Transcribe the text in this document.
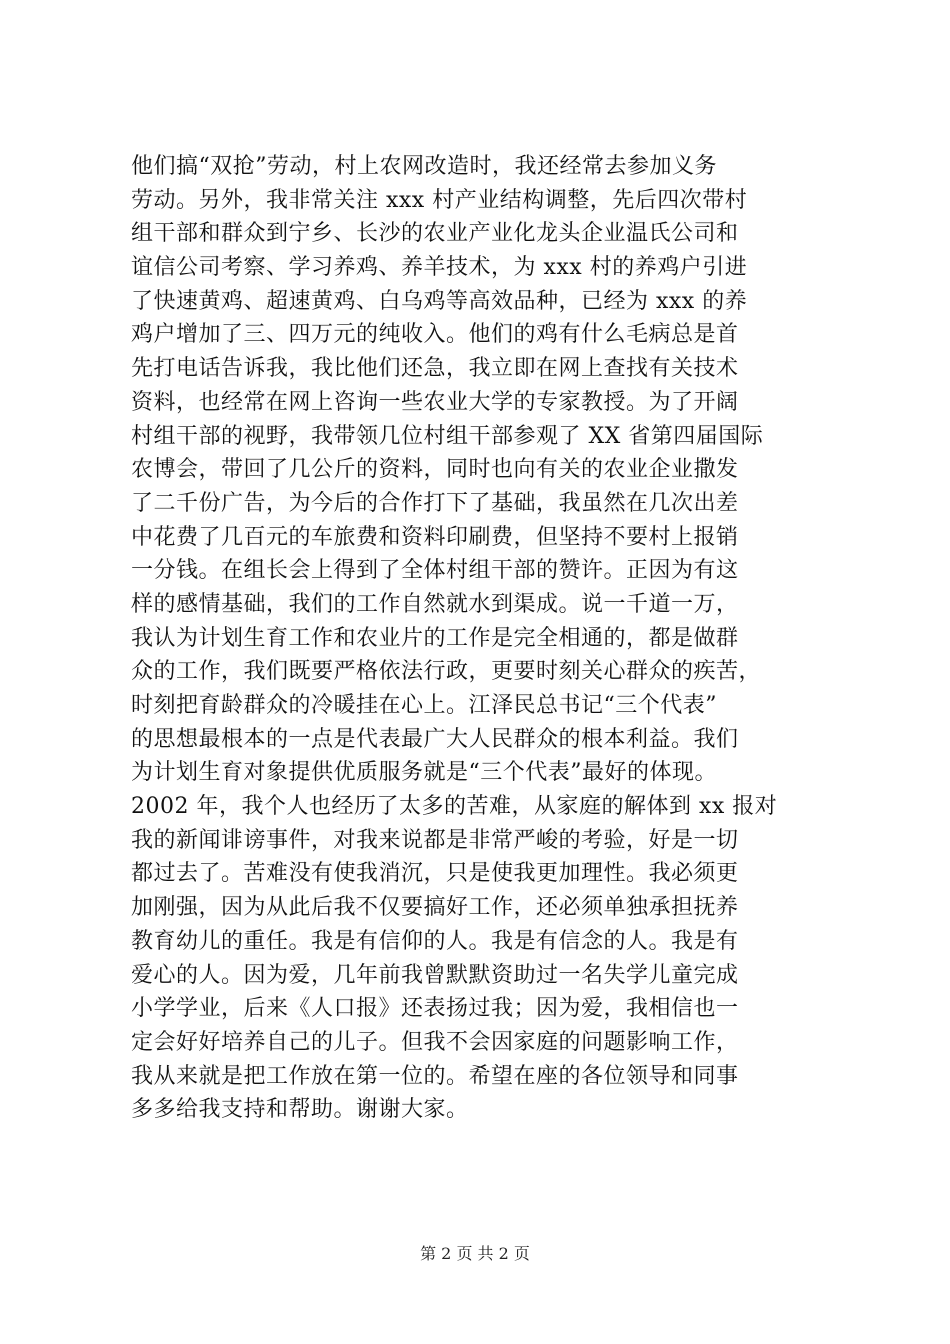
他们搞“双抢”劳动，村上农网改造时，我还经常去参加义务
劳动。另外，我非常关注 xxx 村产业结构调整，先后四次带村
组干部和群众到宁乡、长沙的农业产业化龙头企业温氏公司和
谊信公司考察、学习养鸡、养羊技术，为 xxx 村的养鸡户引进
了快速黄鸡、超速黄鸡、白乌鸡等高效品种，已经为 xxx 的养
鸡户增加了三、四万元的纯收入。他们的鸡有什么毛病总是首
先打电话告诉我，我比他们还急，我立即在网上查找有关技术
资料，也经常在网上咨询一些农业大学的专家教授。为了开阔
村组干部的视野，我带领几位村组干部参观了 XX 省第四届国际
农博会，带回了几公斤的资料，同时也向有关的农业企业撒发
了二千份广告，为今后的合作打下了基础，我虽然在几次出差
中花费了几百元的车旅费和资料印刷费，但坚持不要村上报销
一分钱。在组长会上得到了全体村组干部的赞许。正因为有这
样的感情基础，我们的工作自然就水到渠成。说一千道一万，
我认为计划生育工作和农业片的工作是完全相通的，都是做群
众的工作，我们既要严格依法行政，更要时刻关心群众的疾苦，
时刻把育龄群众的冷暖挂在心上。江泽民总书记“三个代表”
的思想最根本的一点是代表最广大人民群众的根本利益。我们
为计划生育对象提供优质服务就是“三个代表”最好的体现。
2002 年，我个人也经历了太多的苦难，从家庭的解体到 xx 报对
我的新闻诽谤事件，对我来说都是非常严峻的考验，好是一切
都过去了。苦难没有使我消沉，只是使我更加理性。我必须更
加刚强，因为从此后我不仅要搞好工作，还必须单独承担抚养
教育幼儿的重任。我是有信仰的人。我是有信念的人。我是有
爱心的人。因为爱，几年前我曾默默资助过一名失学儿童完成
小学学业，后来《人口报》还表扬过我；因为爱，我相信也一
定会好好培养自己的儿子。但我不会因家庭的问题影响工作，
我从来就是把工作放在第一位的。希望在座的各位领导和同事
多多给我支持和帮助。谢谢大家。
第 2 页 共 2 页
